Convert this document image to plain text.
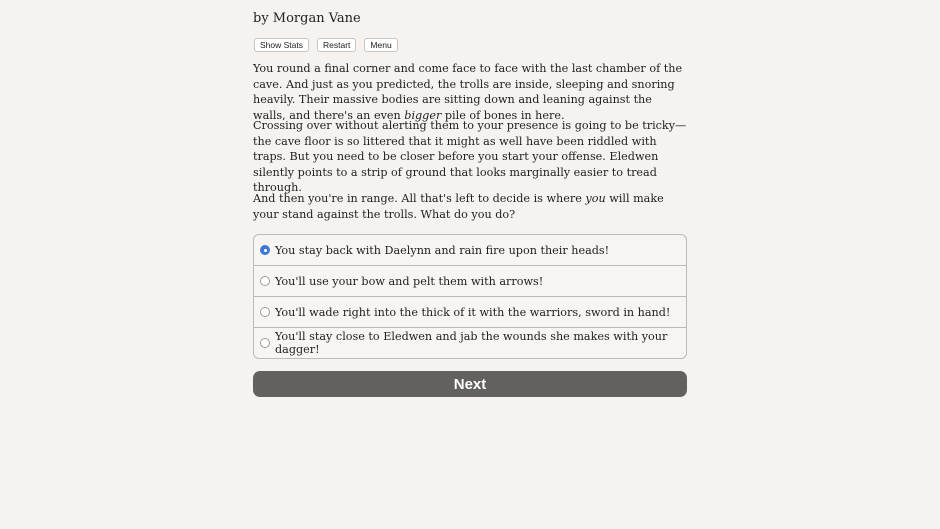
by Morgan Vane
Show Stats	Restart	Menu

You round a final corner and come face to face with the last chamber of the cave. And just as you predicted, the trolls are inside, sleeping and snoring heavily. Their massive bodies are sitting down and leaning against the walls, and there's an even bigger pile of bones in here.

Crossing over without alerting them to your presence is going to be tricky—the cave floor is so littered that it might as well have been riddled with traps. But you need to be closer before you start your offense. Eledwen silently points to a strip of ground that looks marginally easier to tread through.

And then you're in range. All that's left to decide is where you will make your stand against the trolls. What do you do?

You stay back with Daelynn and rain fire upon their heads!
You'll use your bow and pelt them with arrows!
You'll wade right into the thick of it with the warriors, sword in hand!
You'll stay close to Eledwen and jab the wounds she makes with your dagger!
Next
